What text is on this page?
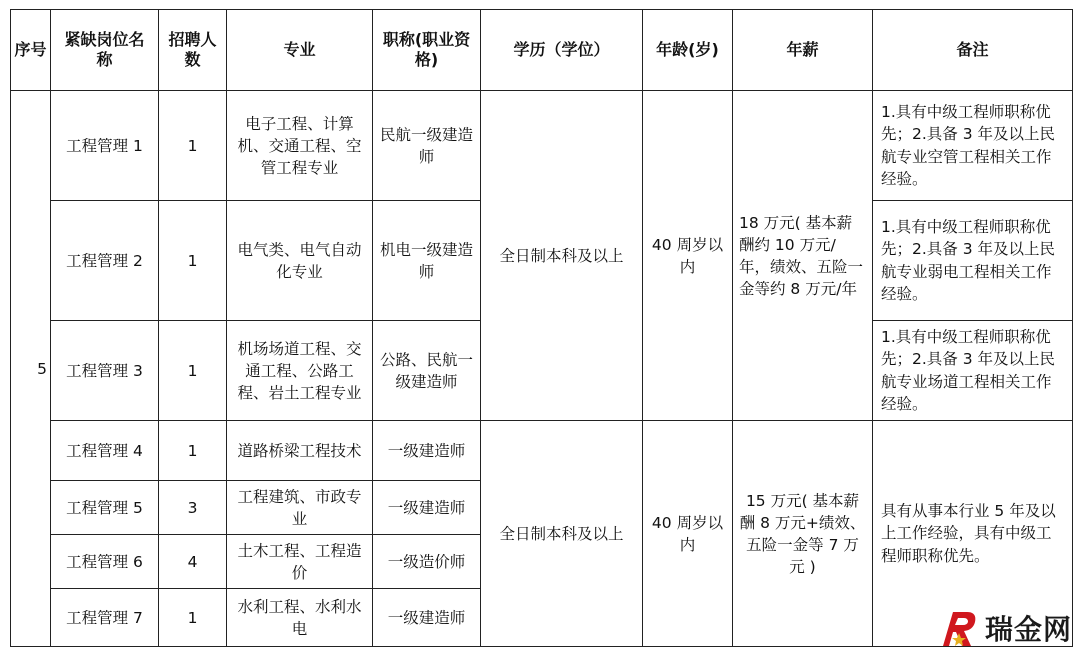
序号	紧缺岗位名称	招聘人数	专业	职称(职业资格)	学历（学位）	年龄(岁)	年薪	备注
5	工程管理 1	1	电子工程、计算机、交通工程、空管工程专业	民航一级建造师	全日制本科及以上	40 周岁以内	18 万元( 基本薪酬约 10 万元/年，绩效、五险一金等约 8 万元/年	1.具有中级工程师职称优先；2.具备 3 年及以上民航专业空管工程相关工作经验。
	工程管理 2	1	电气类、电气自动化专业	机电一级建造师				1.具有中级工程师职称优先；2.具备 3 年及以上民航专业弱电工程相关工作经验。
	工程管理 3	1	机场场道工程、交通工程、公路工程、岩土工程专业	公路、民航一级建造师				1.具有中级工程师职称优先；2.具备 3 年及以上民航专业场道工程相关工作经验。
	工程管理 4	1	道路桥梁工程技术	一级建造师	全日制本科及以上	40 周岁以内	15 万元( 基本薪酬 8 万元+绩效、五险一金等 7 万元 )	具有从事本行业 5 年及以上工作经验，具有中级工程师职称优先。
	工程管理 5	3	工程建筑、市政专业	一级建造师				
	工程管理 6	4	土木工程、工程造价	一级造价师				
	工程管理 7	1	水利工程、水利水电	一级建造师					瑞金网
